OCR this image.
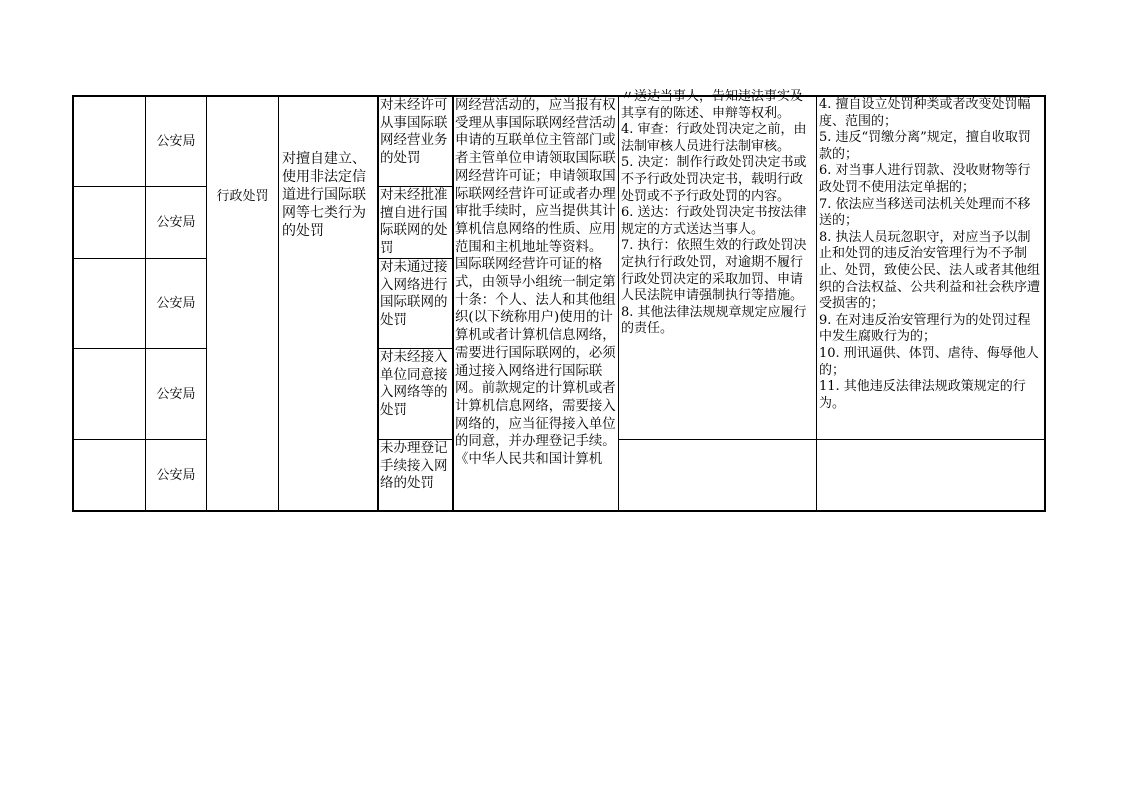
公安局
公安局
公安局
公安局
公安局
行政处罚
对擅自建立、使用非法定信道进行国际联网等七类行为的处罚
对未经许可从事国际联网经营业务的处罚
对未经批准擅自进行国际联网的处罚
对未通过接入网络进行国际联网的处罚
对未经接入单位同意接入网络等的处罚
未办理登记手续接入网络的处罚

网经营活动的，应当报有权受理从事国际联网经营活动申请的互联单位主管部门或者主管单位申请领取国际联网经营许可证；申请领取国际联网经营许可证或者办理审批手续时，应当提供其计算机信息网络的性质、应用范围和主机地址等资料。 国际联网经营许可证的格式，由领导小组统一制定第十条：个人、法人和其他组织(以下统称用户)使用的计算机或者计算机信息网络，需要进行国际联网的，必须通过接入网络进行国际联网。前款规定的计算机或者计算机信息网络，需要接入网络的，应当征得接入单位的同意，并办理登记手续。《中华人民共和国计算机

〃送达当事人，告知违法事实及其享有的陈述、申辩等权利。

4. 审查：行政处罚决定之前，由法制审核人员进行法制审核。

5. 决定：制作行政处罚决定书或不予行政处罚决定书，载明行政处罚或不予行政处罚的内容。

6. 送达：行政处罚决定书按法律规定的方式送达当事人。

7. 执行：依照生效的行政处罚决定执行行政处罚，对逾期不履行行政处罚决定的采取加罚、申请人民法院申请强制执行等措施。

8. 其他法律法规规章规定应履行的责任。

4. 擅自设立处罚种类或者改变处罚幅度、范围的；

5. 违反“罚缴分离”规定，擅自收取罚款的；

6. 对当事人进行罚款、没收财物等行政处罚不使用法定单据的；

7. 依法应当移送司法机关处理而不移送的；

8. 执法人员玩忽职守，对应当予以制止和处罚的违反治安管理行为不予制止、处罚，致使公民、法人或者其他组织的合法权益、公共利益和社会秩序遭受损害的；

9. 在对违反治安管理行为的处罚过程中发生腐败行为的；

10. 刑讯逼供、体罚、虐待、侮辱他人的；

11. 其他违反法律法规政策规定的行为。
